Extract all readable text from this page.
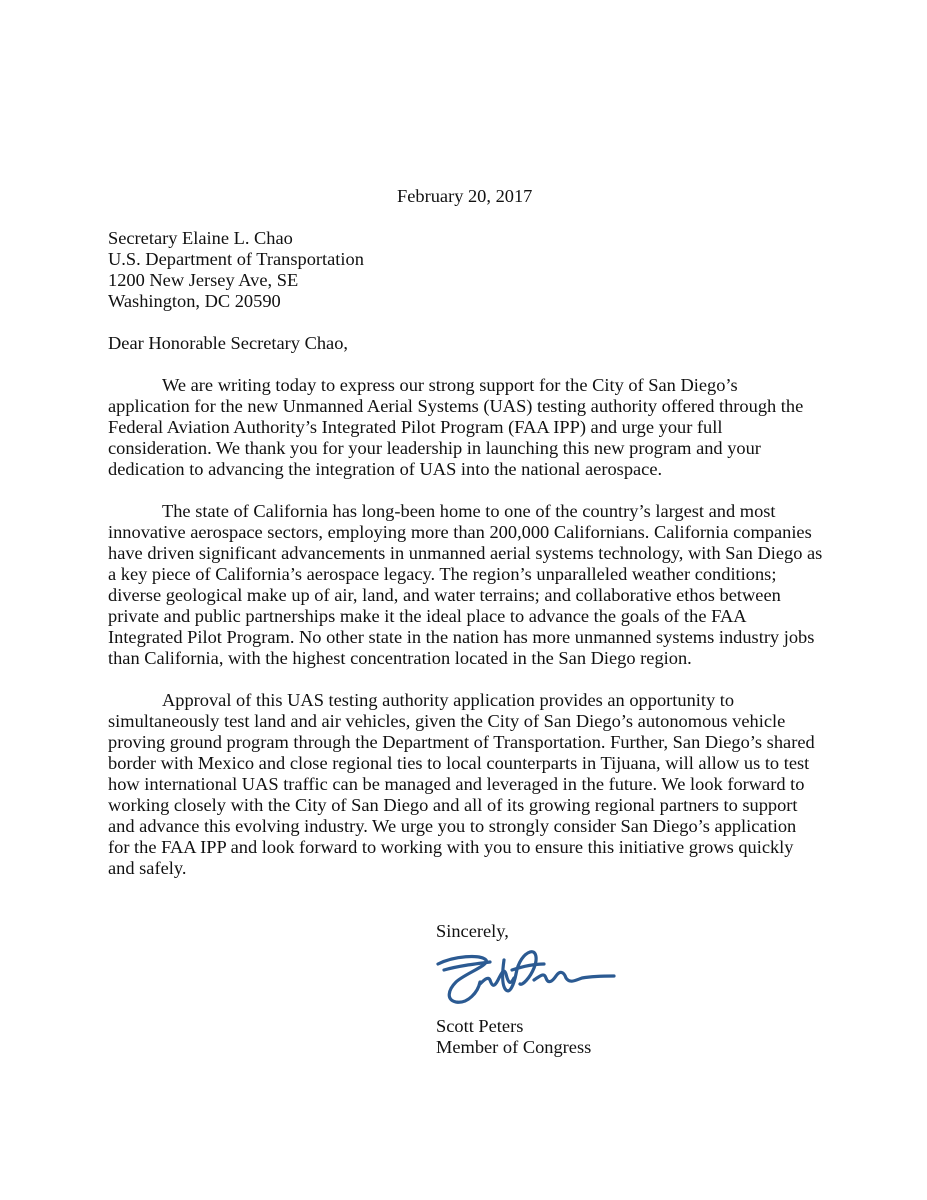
February 20, 2017

Secretary Elaine L. Chao

U.S. Department of Transportation

1200 New Jersey Ave, SE

Washington, DC 20590

Dear Honorable Secretary Chao,

We are writing today to express our strong support for the City of San Diego’s

application for the new Unmanned Aerial Systems (UAS) testing authority offered through the

Federal Aviation Authority’s Integrated Pilot Program (FAA IPP) and urge your full

consideration. We thank you for your leadership in launching this new program and your

dedication to advancing the integration of UAS into the national aerospace.

The state of California has long-been home to one of the country’s largest and most

innovative aerospace sectors, employing more than 200,000 Californians. California companies

have driven significant advancements in unmanned aerial systems technology, with San Diego as

a key piece of California’s aerospace legacy. The region’s unparalleled weather conditions;

diverse geological make up of air, land, and water terrains; and collaborative ethos between

private and public partnerships make it the ideal place to advance the goals of the FAA

Integrated Pilot Program. No other state in the nation has more unmanned systems industry jobs

than California, with the highest concentration located in the San Diego region.

Approval of this UAS testing authority application provides an opportunity to

simultaneously test land and air vehicles, given the City of San Diego’s autonomous vehicle

proving ground program through the Department of Transportation. Further, San Diego’s shared

border with Mexico and close regional ties to local counterparts in Tijuana, will allow us to test

how international UAS traffic can be managed and leveraged in the future. We look forward to

working closely with the City of San Diego and all of its growing regional partners to support

and advance this evolving industry. We urge you to strongly consider San Diego’s application

for the FAA IPP and look forward to working with you to ensure this initiative grows quickly

and safely.

Sincerely,
Scott Peters
Member of Congress
